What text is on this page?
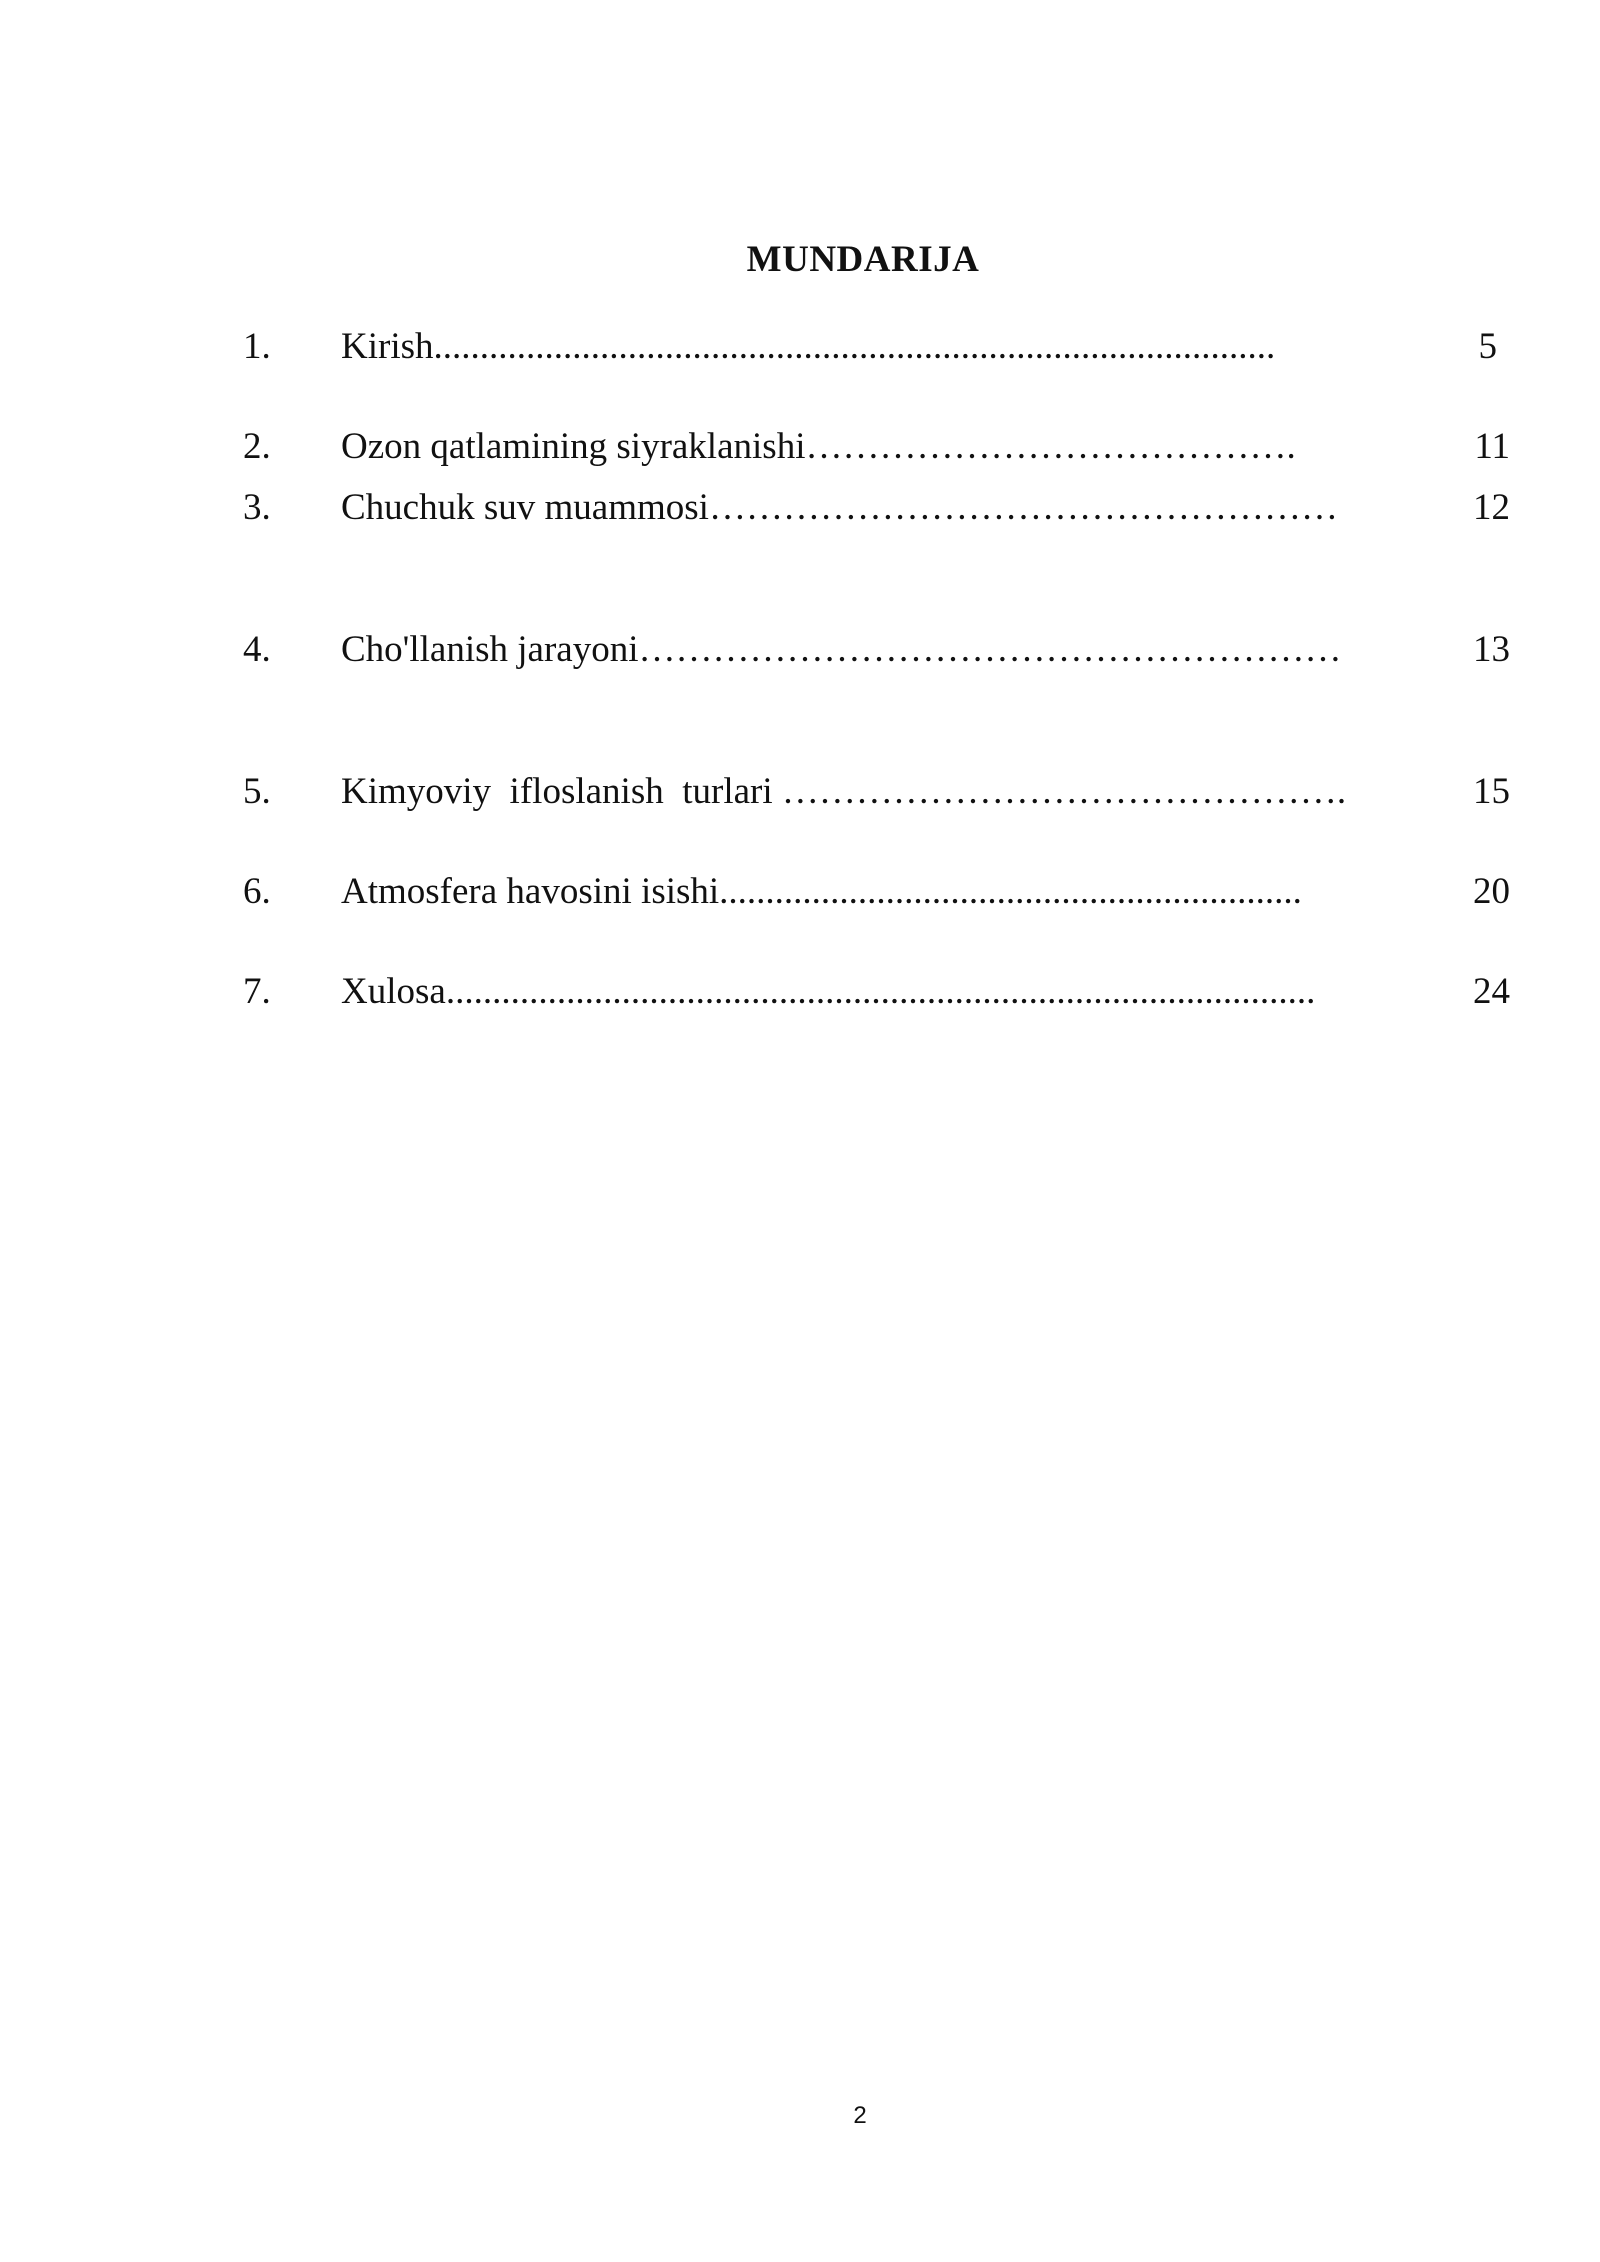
MUNDARIJA
1. Kirish...........................................................................................	5
2. Ozon qatlamining siyraklanishi………………………………….	11
3. Chuchuk suv muammosi……………………………………………	12
4. Cho'llanish jarayoni…………………………………………………	13
5. Kimyoviy  ifloslanish  turlari ……………………………………….	15
6. Atmosfera havosini isishi...............................................................	20
7. Xulosa..............................................................................................	24
2
